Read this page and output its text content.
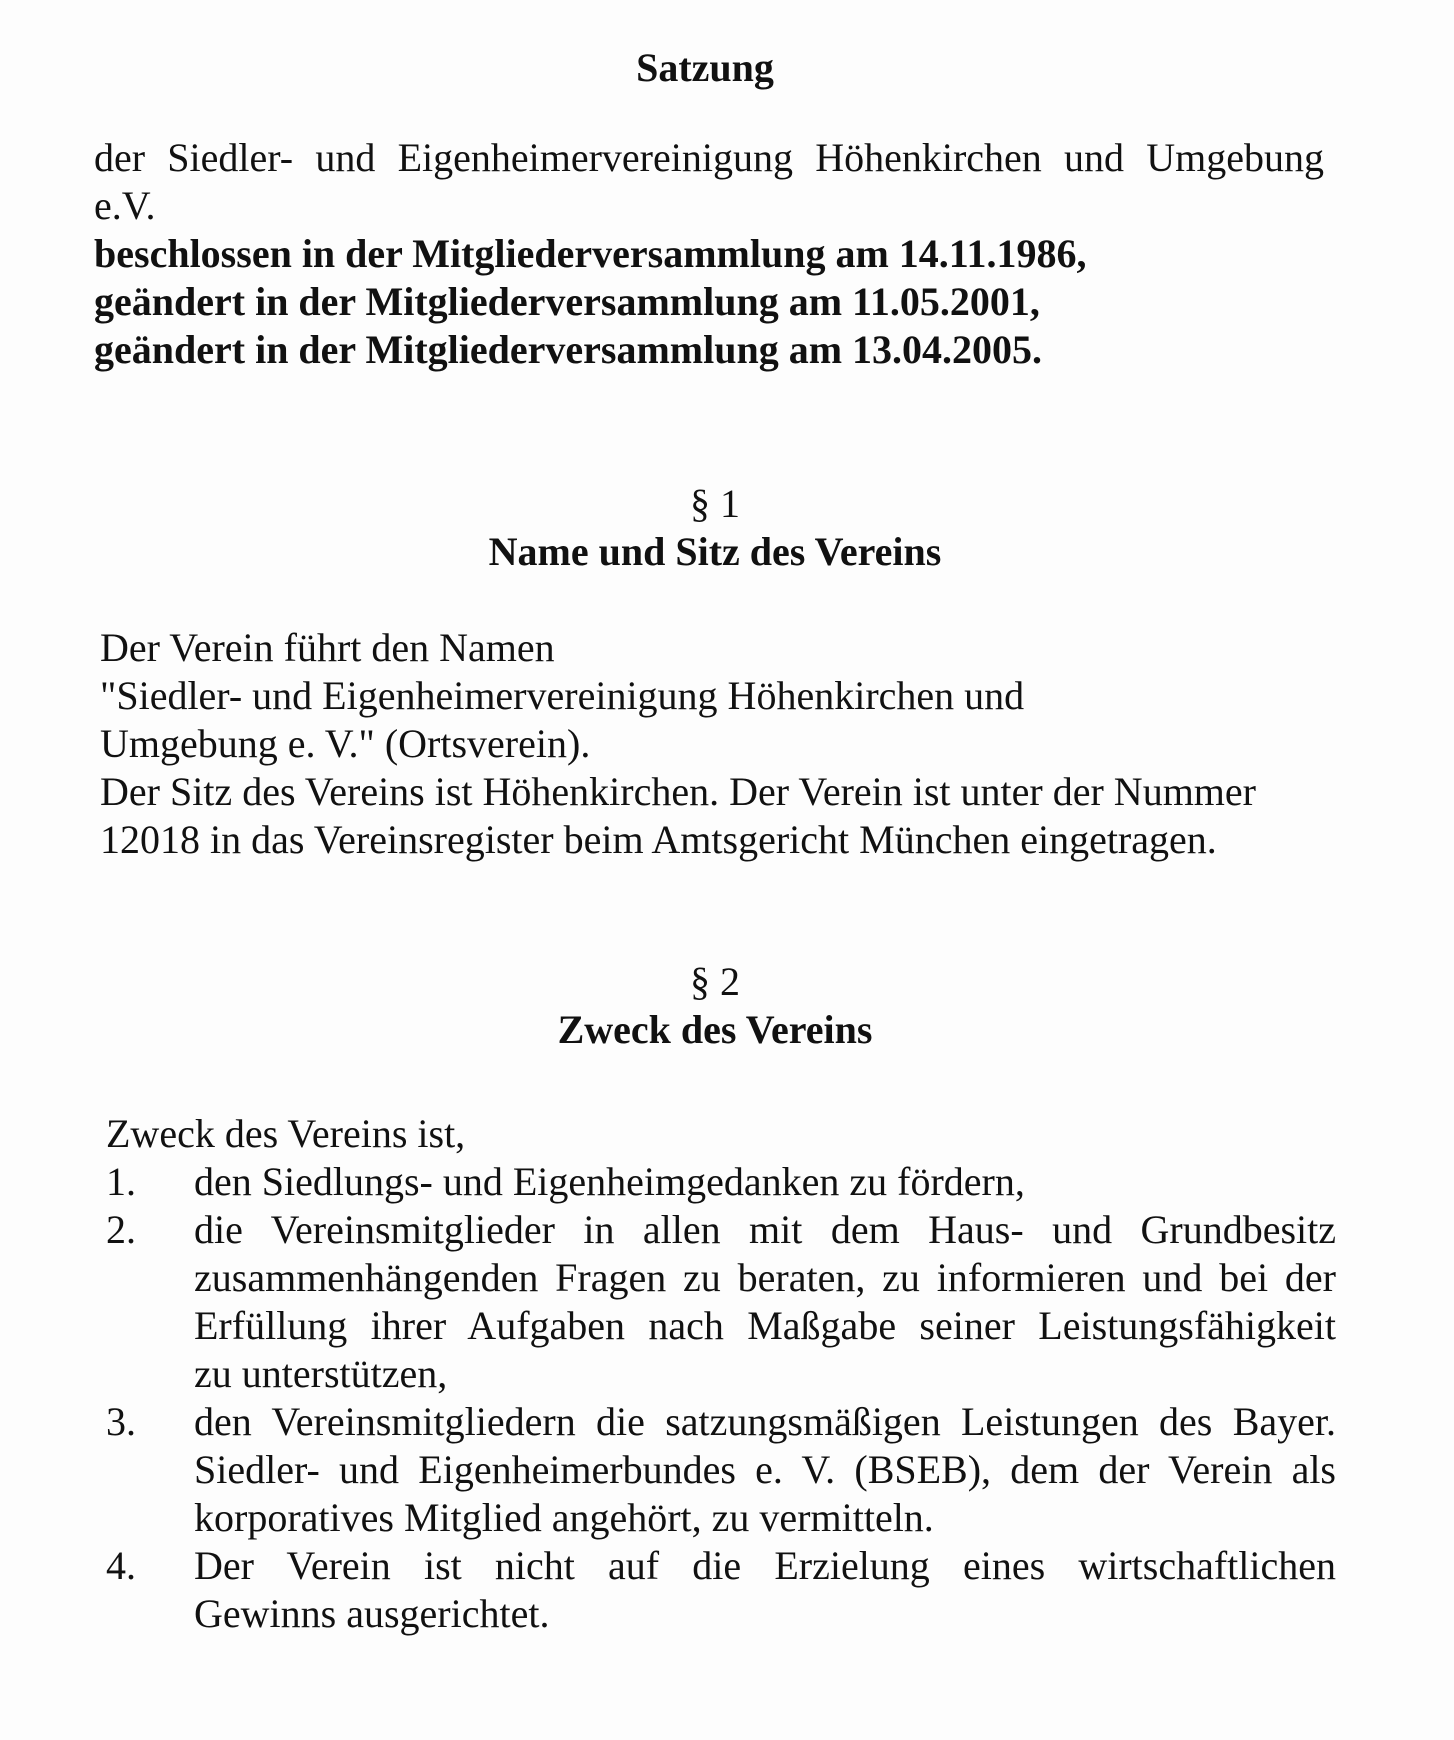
Satzung
der Siedler- und Eigenheimervereinigung Höhenkirchen und Umgebung
e.V.
beschlossen in der Mitgliederversammlung am 14.11.1986,
geändert in der Mitgliederversammlung am 11.05.2001,
geändert in der Mitgliederversammlung am 13.04.2005.
§ 1
Name und Sitz des Vereins
Der Verein führt den Namen
"Siedler- und Eigenheimervereinigung Höhenkirchen und
Umgebung e. V." (Ortsverein).
Der Sitz des Vereins ist Höhenkirchen. Der Verein ist unter der Nummer
12018 in das Vereinsregister beim Amtsgericht München eingetragen.
§ 2
Zweck des Vereins
Zweck des Vereins ist,
1.	den Siedlungs- und Eigenheimgedanken zu fördern,
2.	die Vereinsmitglieder in allen mit dem Haus- und Grundbesitz
zusammenhängenden Fragen zu beraten, zu informieren und bei der
Erfüllung ihrer Aufgaben nach Maßgabe seiner Leistungsfähigkeit
zu unterstützen,
3.	den Vereinsmitgliedern die satzungsmäßigen Leistungen des Bayer.
Siedler- und Eigenheimerbundes e. V. (BSEB), dem der Verein als
korporatives Mitglied angehört, zu vermitteln.
4.	Der Verein ist nicht auf die Erzielung eines wirtschaftlichen
Gewinns ausgerichtet.
